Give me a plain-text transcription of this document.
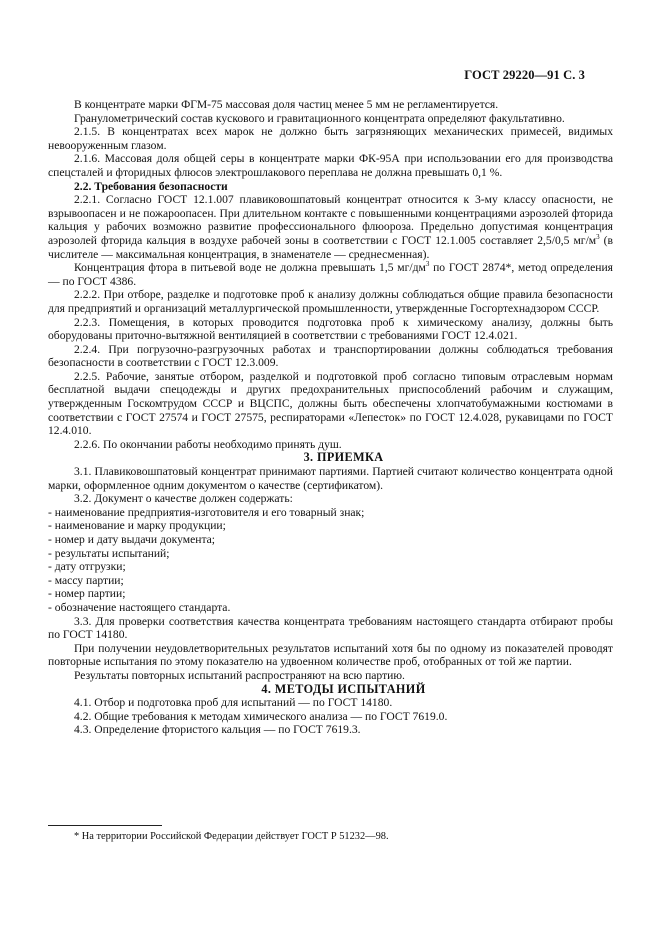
ГОСТ 29220—91 С. 3

В концентрате марки ФГМ-75 массовая доля частиц менее 5 мм не регламентируется.

Гранулометрический состав кускового и гравитационного концентрата определяют факультативно.

2.1.5. В концентратах всех марок не должно быть загрязняющих механических примесей, видимых невооруженным глазом.

2.1.6. Массовая доля общей серы в концентрате марки ФК-95А при использовании его для производства спецсталей и фторидных флюсов электрошлакового переплава не должна превышать 0,1 %.

2.2. Требования безопасности

2.2.1. Согласно ГОСТ 12.1.007 плавиковошпатовый концентрат относится к 3-му классу опасности, не взрывоопасен и не пожароопасен. При длительном контакте с повышенными концентрациями аэрозолей фторида кальция у рабочих возможно развитие профессионального флюороза. Предельно допустимая концентрация аэрозолей фторида кальция в воздухе рабочей зоны в соответствии с ГОСТ 12.1.005 составляет 2,5/0,5 $мг/м^3$ (в числителе — максимальная концентрация, в знаменателе — среднесменная).

Концентрация фтора в питьевой воде не должна превышать 1,5 $мг/дм^3$ по ГОСТ 2874*, метод определения — по ГОСТ 4386.

2.2.2. При отборе, разделке и подготовке проб к анализу должны соблюдаться общие правила безопасности для предприятий и организаций металлургической промышленности, утвержденные Госгортехнадзором СССР.

2.2.3. Помещения, в которых проводится подготовка проб к химическому анализу, должны быть оборудованы приточно-вытяжной вентиляцией в соответствии с требованиями ГОСТ 12.4.021.

2.2.4. При погрузочно-разгрузочных работах и транспортировании должны соблюдаться требования безопасности в соответствии с ГОСТ 12.3.009.

2.2.5. Рабочие, занятые отбором, разделкой и подготовкой проб согласно типовым отраслевым нормам бесплатной выдачи спецодежды и других предохранительных приспособлений рабочим и служащим, утвержденным Госкомтрудом СССР и ВЦСПС, должны быть обеспечены хлопчатобумажными костюмами в соответствии с ГОСТ 27574 и ГОСТ 27575, респираторами «Лепесток» по ГОСТ 12.4.028, рукавицами по ГОСТ 12.4.010.

2.2.6. По окончании работы необходимо принять душ.

3. ПРИЕМКА

3.1. Плавиковошпатовый концентрат принимают партиями. Партией считают количество концентрата одной марки, оформленное одним документом о качестве (сертификатом).

3.2. Документ о качестве должен содержать:

- наименование предприятия-изготовителя и его товарный знак;
- наименование и марку продукции;
- номер и дату выдачи документа;
- результаты испытаний;
- дату отгрузки;
- массу партии;
- номер партии;
- обозначение настоящего стандарта.

3.3. Для проверки соответствия качества концентрата требованиям настоящего стандарта отбирают пробы по ГОСТ 14180.

При получении неудовлетворительных результатов испытаний хотя бы по одному из показателей проводят повторные испытания по этому показателю на удвоенном количестве проб, отобранных от той же партии.

Результаты повторных испытаний распространяют на всю партию.

4. МЕТОДЫ ИСПЫТАНИЙ

4.1. Отбор и подготовка проб для испытаний — по ГОСТ 14180.

4.2. Общие требования к методам химического анализа — по ГОСТ 7619.0.

4.3. Определение фтористого кальция — по ГОСТ 7619.3.

* На территории Российской Федерации действует ГОСТ Р 51232—98.
